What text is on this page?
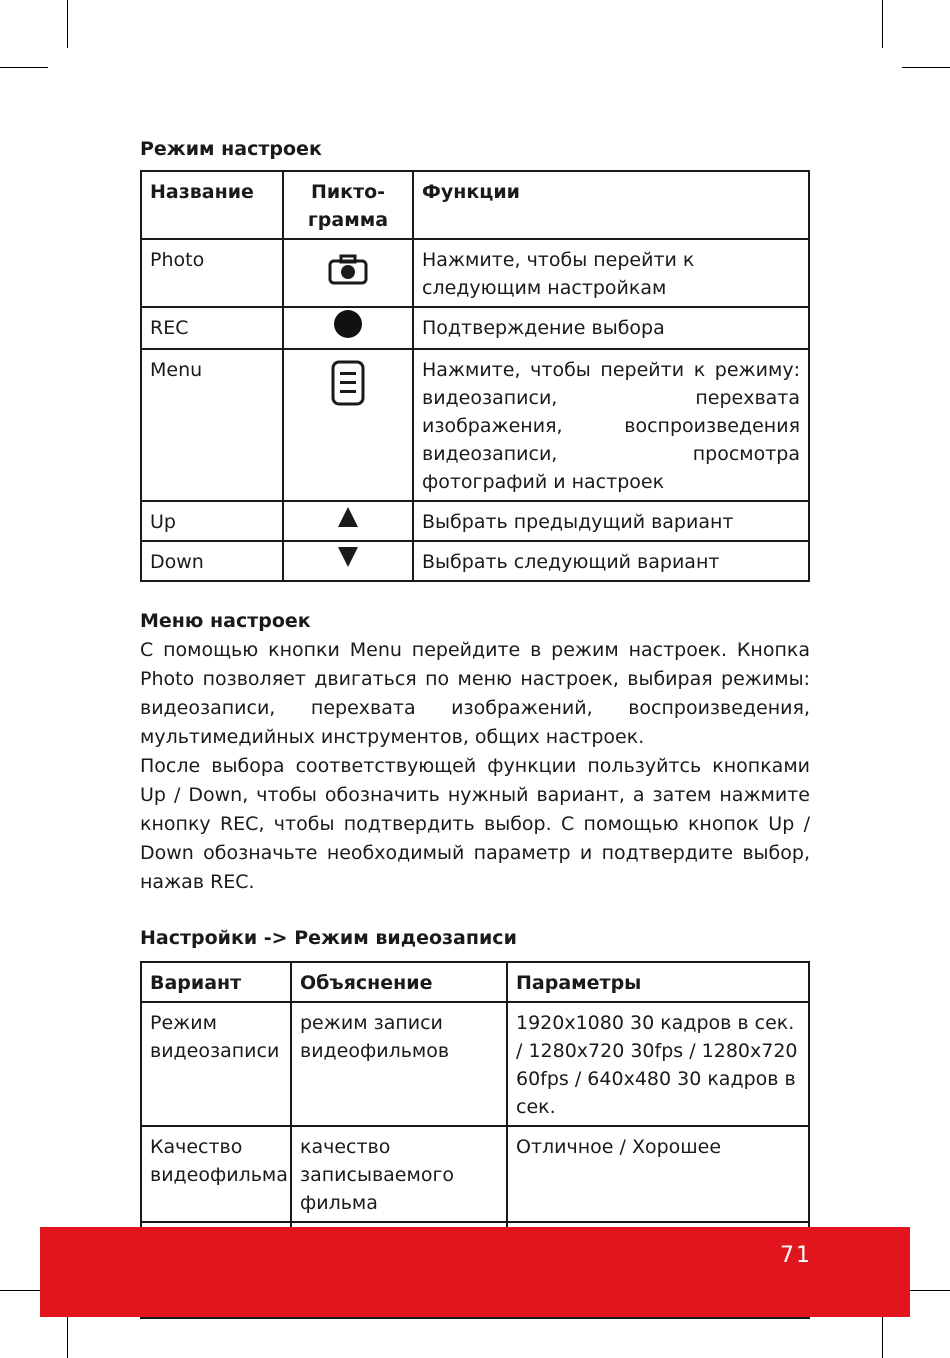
Режим настроек
Название	Пикто-грамма	Функции
Photo		Нажмите, чтобы перейти к следующим настройкам
REC		Подтверждение выбора
Menu		Нажмите, чтобы перейти к режиму: видеозаписи, перехвата изображения, воспроизведения видеозаписи, просмотра фотографий и настроек
Up		Выбрать предыдущий вариант
Down		Выбрать следующий вариант
Меню настроек

С помощью кнопки Menu перейдите в режим настроек. Кнопка Photo позволяет двигаться по меню настроек, выбирая режимы: видеозаписи, перехвата изображений, воспроизведения, мультимедийных инструментов, общих настроек.

После выбора соответствующей функции пользуйтсь кнопками Up / Down, чтобы обозначить нужный вариант, а затем нажмите кнопку REC, чтобы подтвердить выбор. С помощью кнопок Up / Down обозначьте необходимый параметр и подтвердите выбор, нажав REC.

Настройки -> Режим видеозаписи
Вариант	Объяснение	Параметры
Режим видеозаписи	режим записи видеофильмов	1920x1080 30 кадров в сек. / 1280x720 30fps / 1280x720 60fps / 640x480 30 кадров в сек.
Качество видеофильма	качество записываемого фильма	Отличное / Хорошее

71
